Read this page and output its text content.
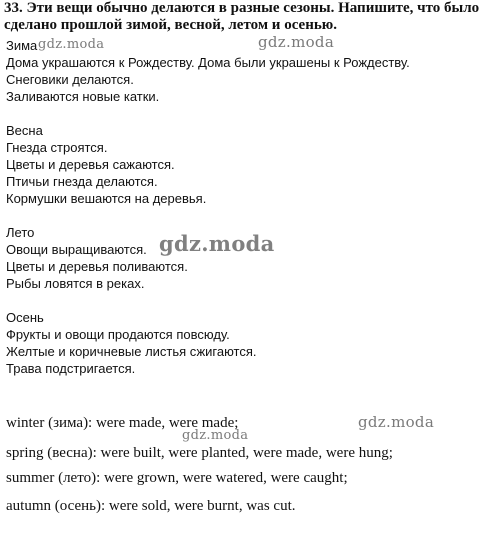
33. Эти вещи обычно делаются в разные сезоны. Напишите, что было сделано прошлой зимой, весной, летом и осенью.

Зима
Дома украшаются к Рождеству. Дома были украшены к Рождеству.
Снеговики делаются.
Заливаются новые катки.
Весна
Гнезда строятся.
Цветы и деревья сажаются.
Птичьи гнезда делаются.
Кормушки вешаются на деревья.
Лето
Овощи выращиваются.
Цветы и деревья поливаются.
Рыбы ловятся в реках.
Осень
Фрукты и овощи продаются повсюду.
Желтые и коричневые листья сжигаются.
Трава подстригается.
winter (зима): were made, were made;
spring (весна): were built, were planted, were made, were hung;
summer (лето): were grown, were watered, were caught;
autumn (осень): were sold, were burnt, was cut.
gdz.moda	gdz.moda
gdz.moda
gdz.moda
gdz.moda
